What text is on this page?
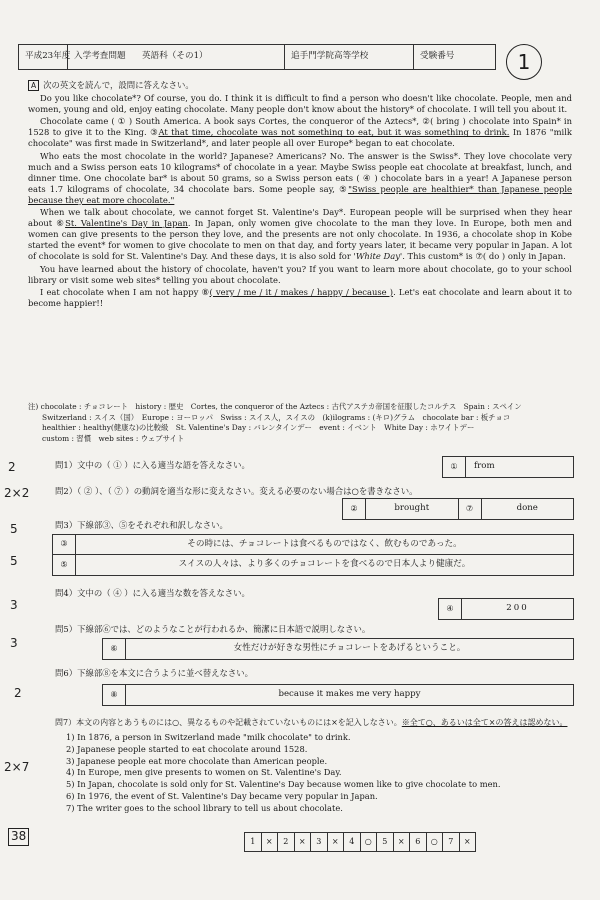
平成23年度 入学考査問題	英語科（その1）	追手門学院高等学校	受験番号	1
A 次の英文を読んで，設問に答えなさい。

Do you like chocolate*? Of course, you do. I think it is difficult to find a person who doesn't like chocolate. People, men and women, young and old, enjoy eating chocolate. Many people don't know about the history* of chocolate. I will tell you about it.

Chocolate came ( ① ) South America. A book says Cortes, the conqueror of the Aztecs*, ②( bring ) chocolate into Spain* in 1528 to give it to the King. ③At that time, chocolate was not something to eat, but it was something to drink. In 1876 "milk chocolate" was first made in Switzerland*, and later people all over Europe* began to eat chocolate.

Who eats the most chocolate in the world? Japanese? Americans? No. The answer is the Swiss*. They love chocolate very much and a Swiss person eats 10 kilograms* of chocolate in a year. Maybe Swiss people eat chocolate at breakfast, lunch, and dinner time. One chocolate bar* is about 50 grams, so a Swiss person eats ( ④ ) chocolate bars in a year! A Japanese person eats 1.7 kilograms of chocolate, 34 chocolate bars. Some people say, ⑤"Swiss people are healthier* than Japanese people because they eat more chocolate."

When we talk about chocolate, we cannot forget St. Valentine's Day*. European people will be surprised when they hear about ⑥St. Valentine's Day in Japan. In Japan, only women give chocolate to the man they love. In Europe, both men and women can give presents to the person they love, and the presents are not only chocolate. In 1936, a chocolate shop in Kobe started the event* for women to give chocolate to men on that day, and forty years later, it became very popular in Japan. A lot of chocolate is sold for St. Valentine's Day. And these days, it is also sold for 'White Day'. This custom* is ⑦( do ) only in Japan.

You have learned about the history of chocolate, haven't you? If you want to learn more about chocolate, go to your school library or visit some web sites* telling you about chocolate.

I eat chocolate when I am not happy ⑧( very / me / it / makes / happy / because ). Let's eat chocolate and learn about it to become happier!!

注) chocolate : チョコレート　history : 歴史　Cortes, the conqueror of the Aztecs : 古代アステカ帝国を征服したコルテス　Spain : スペイン
Switzerland : スイス（国）　Europe : ヨーロッパ　Swiss : スイス人，スイスの　(k)ilograms : (キロ)グラム　chocolate bar : 板チョコ
healthier : healthy(健康な)の比較級　St. Valentine's Day : バレンタインデー　event : イベント　White Day : ホワイトデー
custom : 習慣　web sites : ウェブサイト
2	問1）文中の（ ① ）に入る適当な語を答えなさい。	①	from
2×2	問2）（ ② ）、（ ⑦ ）の動詞を適当な形に変えなさい。変える必要のない場合は○を書きなさい。
②	brought	⑦	done
5
5
問3）下線部③、⑤をそれぞれ和訳しなさい。
③	その時には、チョコレートは食べるものではなく、飲むものであった。
⑤	スイスの人々は、より多くのチョコレートを食べるので日本人より健康だ。
3
問4）文中の（ ④ ）に入る適当な数を答えなさい。
④	200
3
問5）下線部⑥では、どのようなことが行われるか、簡潔に日本語で説明しなさい。
⑥	女性だけが好きな男性にチョコレートをあげるということ。
2
問6）下線部⑧を本文に合うように並べ替えなさい。
⑧	because it makes me very happy
2×7
問7）本文の内容とあうものには○、異なるものや記載されていないものには×を記入しなさい。※全て○、あるいは全て×の答えは認めない。
1) In 1876, a person in Switzerland made "milk chocolate" to drink.
2) Japanese people started to eat chocolate around 1528.
3) Japanese people eat more chocolate than American people.
4) In Europe, men give presents to women on St. Valentine's Day.
5) In Japan, chocolate is sold only for St. Valentine's Day because women like to give chocolate to men.
6) In 1976, the event of St. Valentine's Day became very popular in Japan.
7) The writer goes to the school library to tell us about chocolate.
1	×	2	×	3	×	4	○	5	×	6	○	7	×
38
